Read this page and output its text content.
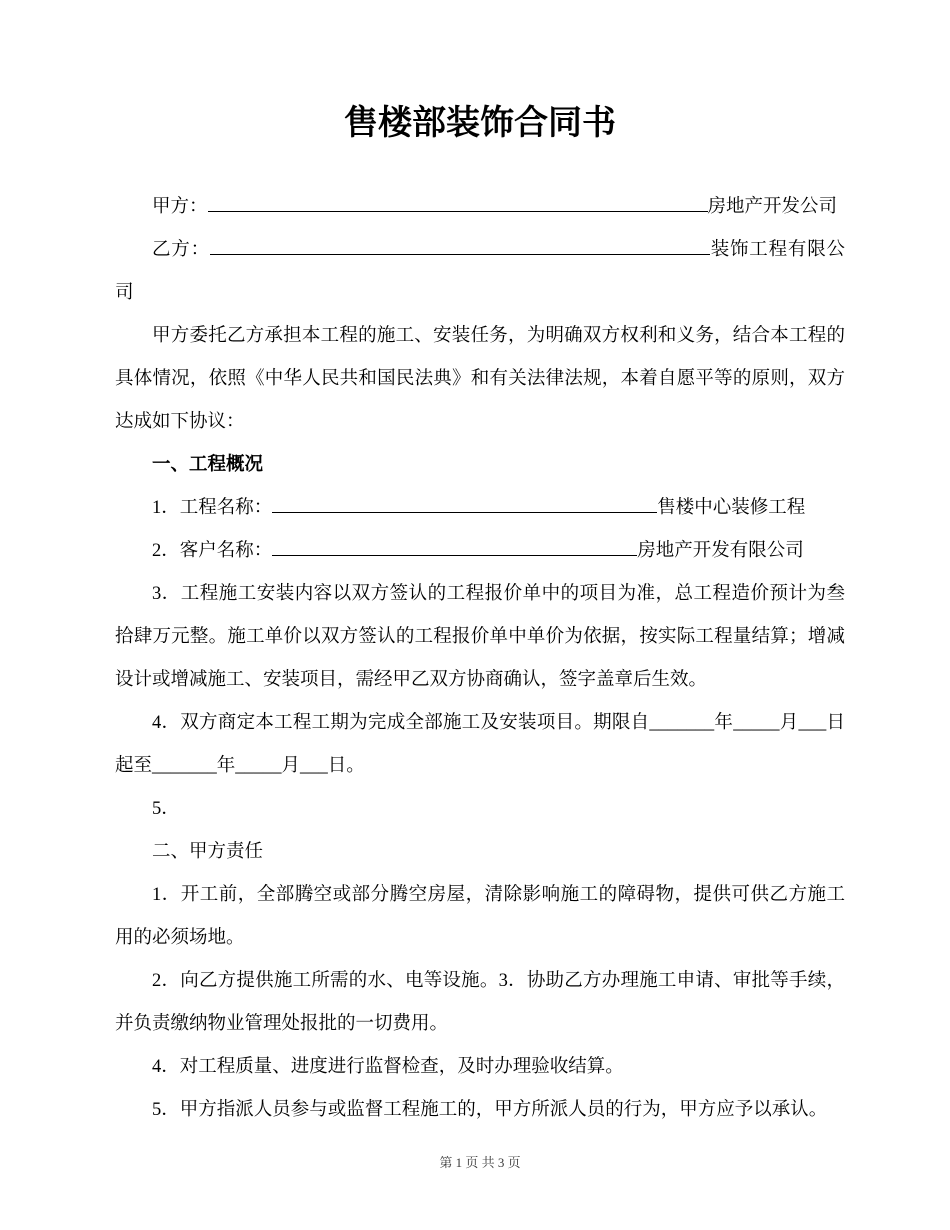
售楼部装饰合同书

甲方：	房地产开发公司

乙方：	装饰工程有限公司

甲方委托乙方承担本工程的施工、安装任务，为明确双方权利和义务，结合本工程的具体情况，依照《中华人民共和国民法典》和有关法律法规，本着自愿平等的原则，双方达成如下协议：

一、工程概况

1．工程名称：	售楼中心装修工程

2．客户名称：	房地产开发有限公司

3．工程施工安装内容以双方签认的工程报价单中的项目为准，总工程造价预计为叁拾肆万元整。施工单价以双方签认的工程报价单中单价为依据，按实际工程量结算；增减设计或增减施工、安装项目，需经甲乙双方协商确认，签字盖章后生效。

4．双方商定本工程工期为完成全部施工及安装项目。期限自_______年_____月___日起至_______年_____月___日。

5．

二、甲方责任

1．开工前，全部腾空或部分腾空房屋，清除影响施工的障碍物，提供可供乙方施工用的必须场地。

2．向乙方提供施工所需的水、电等设施。3．协助乙方办理施工申请、审批等手续，并负责缴纳物业管理处报批的一切费用。

4．对工程质量、进度进行监督检查，及时办理验收结算。

5．甲方指派人员参与或监督工程施工的，甲方所派人员的行为，甲方应予以承认。

第 1 页 共 3 页
